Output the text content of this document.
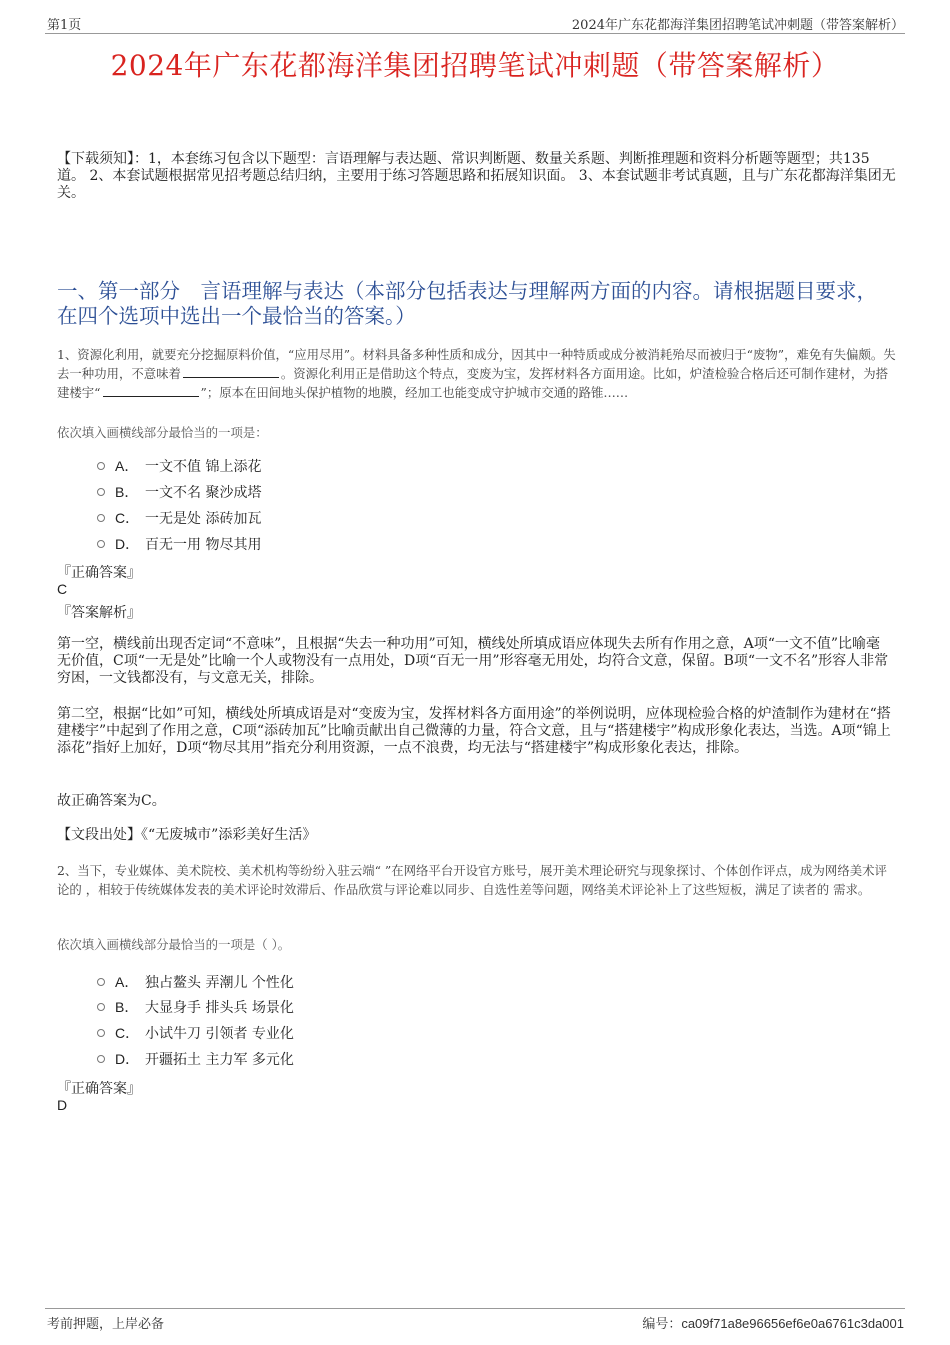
第1页	2024年广东花都海洋集团招聘笔试冲刺题（带答案解析）
2024年广东花都海洋集团招聘笔试冲刺题（带答案解析）
【下载须知】：1，本套练习包含以下题型：言语理解与表达题、常识判断题、数量关系题、判断推理题和资料分析题等题型；共135道。 2、本套试题根据常见招考题总结归纳，主要用于练习答题思路和拓展知识面。 3、本套试题非考试真题，且与广东花都海洋集团无关。
一、第一部分　言语理解与表达（本部分包括表达与理解两方面的内容。请根据题目要求，在四个选项中选出一个最恰当的答案。）
1、资源化利用，就要充分挖掘原料价值，“应用尽用”。材料具备多种性质和成分，因其中一种特质或成分被消耗殆尽而被归于“废物”，难免有失偏颇。失去一种功用，不意味着	。资源化利用正是借助这个特点，变废为宝，发挥材料各方面用途。比如，炉渣检验合格后还可制作建材，为搭建楼宇“	”；原本在田间地头保护植物的地膜，经加工也能变成守护城市交通的路锥……
依次填入画横线部分最恰当的一项是：
A． 一文不值 锦上添花
B． 一文不名 聚沙成塔
C． 一无是处 添砖加瓦
D． 百无一用 物尽其用
『正确答案』
C
『答案解析』
第一空，横线前出现否定词“不意味”，且根据“失去一种功用”可知，横线处所填成语应体现失去所有作用之意，A项“一文不值”比喻毫无价值，C项“一无是处”比喻一个人或物没有一点用处，D项“百无一用”形容毫无用处，均符合文意，保留。B项“一文不名”形容人非常穷困，一文钱都没有，与文意无关，排除。
第二空，根据“比如”可知，横线处所填成语是对“变废为宝，发挥材料各方面用途”的举例说明，应体现检验合格的炉渣制作为建材在“搭建楼宇”中起到了作用之意，C项“添砖加瓦”比喻贡献出自己微薄的力量，符合文意，且与“搭建楼宇”构成形象化表达，当选。A项“锦上添花”指好上加好，D项“物尽其用”指充分利用资源，一点不浪费，均无法与“搭建楼宇”构成形象化表达，排除。
故正确答案为C。
【文段出处】《“无废城市”添彩美好生活》
2、当下，专业媒体、美术院校、美术机构等纷纷入驻云端“ ”在网络平台开设官方账号，展开美术理论研究与现象探讨、个体创作评点，成为网络美术评论的 ，相较于传统媒体发表的美术评论时效滞后、作品欣赏与评论难以同步、自选性差等问题，网络美术评论补上了这些短板，满足了读者的 需求。
依次填入画横线部分最恰当的一项是（ ）。
A． 独占鳌头 弄潮儿 个性化
B． 大显身手 排头兵 场景化
C． 小试牛刀 引领者 专业化
D． 开疆拓土 主力军 多元化
『正确答案』
D
考前押题，上岸必备	编号：ca09f71a8e96656ef6e0a6761c3da001
